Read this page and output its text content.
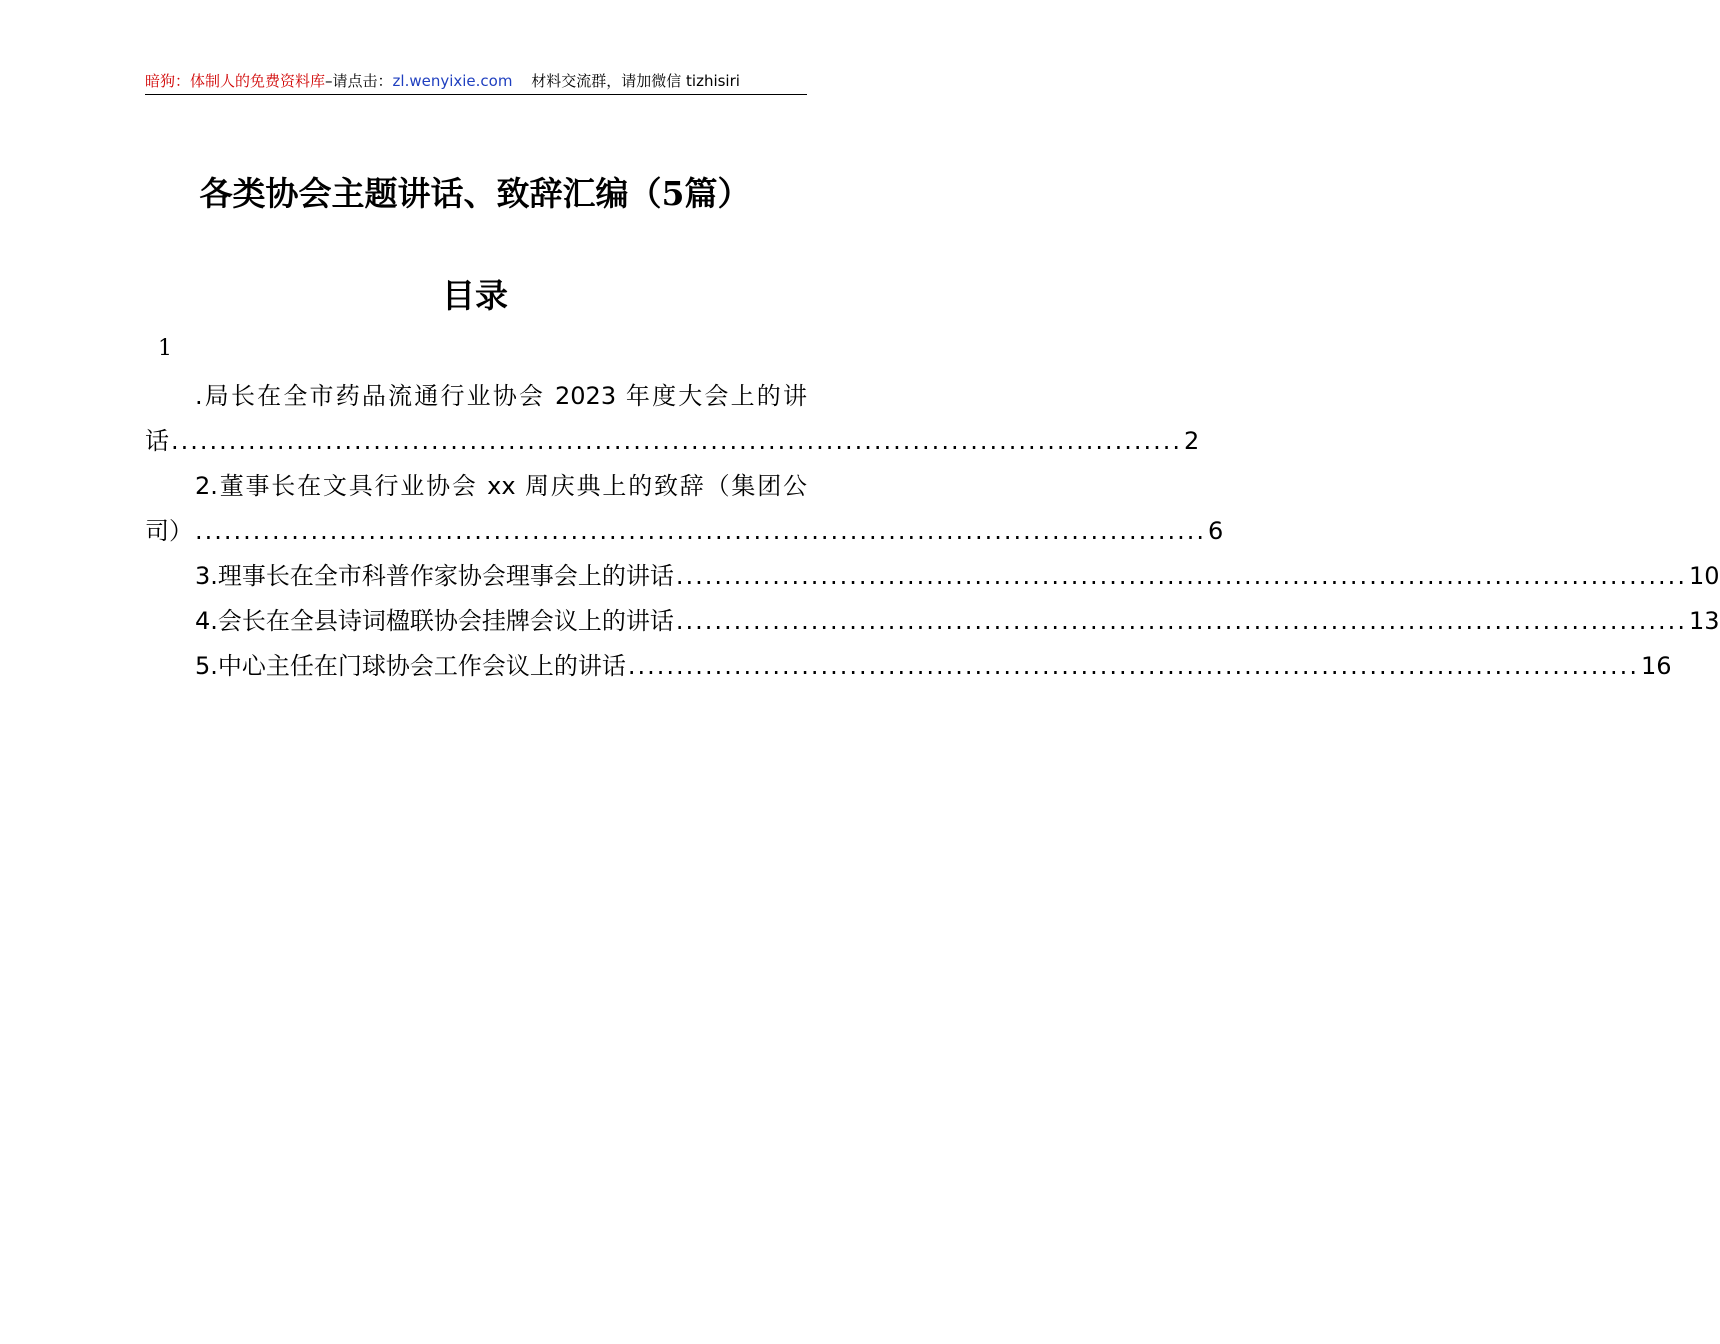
暗狗：体制人的免费资料库–请点击：zl.wenyixie.com 材料交流群，请加微信 tizhisiri
各类协会主题讲话、致辞汇编（5篇）
目录
1
.局长在全市药品流通行业协会 2023 年度大会上的讲
话 ......................................................................................................... 2
2.董事长在文具行业协会 xx 周庆典上的致辞（集团公
司） ......................................................................................................... 6
3.理事长在全市科普作家协会理事会上的讲话 ......................................................................................................... 10
4.会长在全县诗词楹联协会挂牌会议上的讲话 ......................................................................................................... 13
5.中心主任在门球协会工作会议上的讲话 ......................................................................................................... 16
